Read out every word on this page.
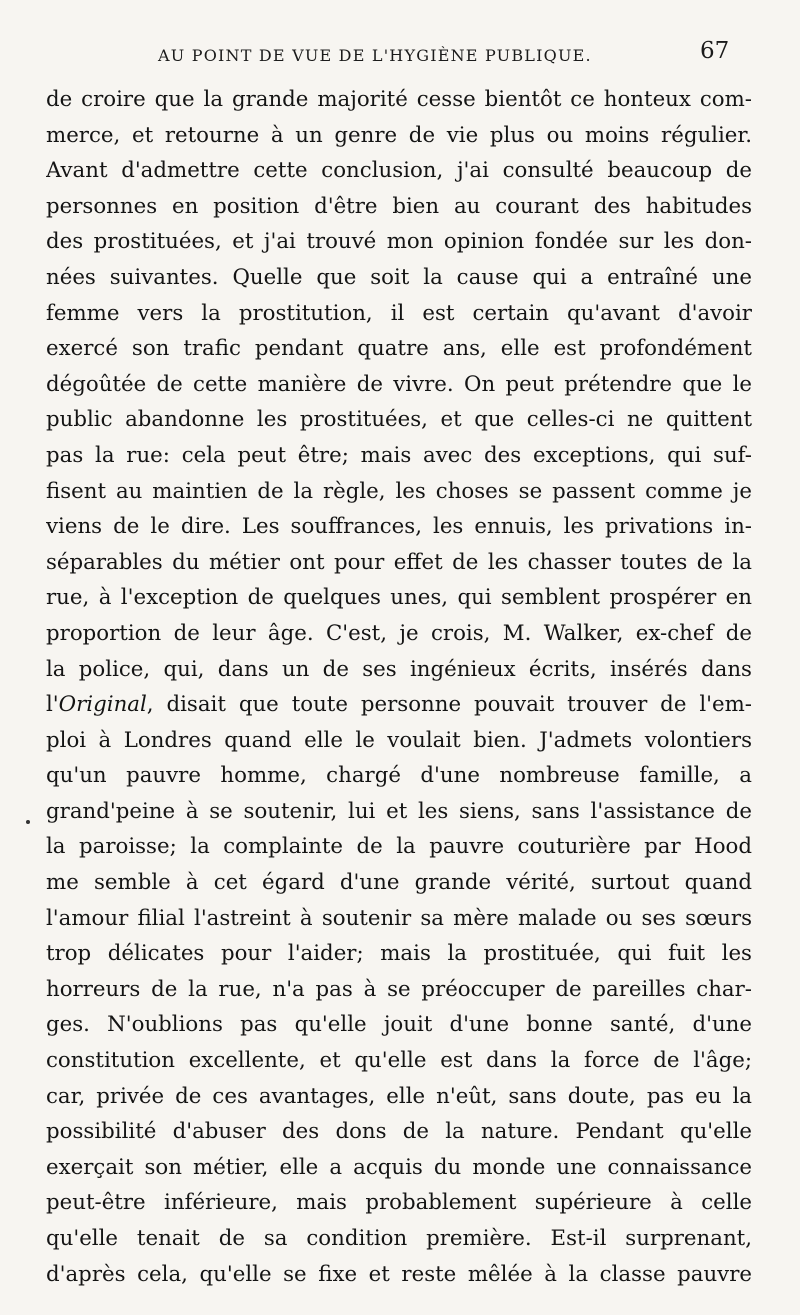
AU POINT DE VUE DE L'HYGIÈNE PUBLIQUE.	67
de croire que la grande majorité cesse bientôt ce honteux com-
merce, et retourne à un genre de vie plus ou moins régulier.
Avant d'admettre cette conclusion, j'ai consulté beaucoup de
personnes en position d'être bien au courant des habitudes
des prostituées, et j'ai trouvé mon opinion fondée sur les don-
nées suivantes. Quelle que soit la cause qui a entraîné une
femme vers la prostitution, il est certain qu'avant d'avoir
exercé son trafic pendant quatre ans, elle est profondément
dégoûtée de cette manière de vivre. On peut prétendre que le
public abandonne les prostituées, et que celles-ci ne quittent
pas la rue: cela peut être; mais avec des exceptions, qui suf-
fisent au maintien de la règle, les choses se passent comme je
viens de le dire. Les souffrances, les ennuis, les privations in-
séparables du métier ont pour effet de les chasser toutes de la
rue, à l'exception de quelques unes, qui semblent prospérer en
proportion de leur âge. C'est, je crois, M. Walker, ex-chef de
la police, qui, dans un de ses ingénieux écrits, insérés dans
l'Original, disait que toute personne pouvait trouver de l'em-
ploi à Londres quand elle le voulait bien. J'admets volontiers
qu'un pauvre homme, chargé d'une nombreuse famille, a
grand'peine à se soutenir, lui et les siens, sans l'assistance de
la paroisse; la complainte de la pauvre couturière par Hood
me semble à cet égard d'une grande vérité, surtout quand
l'amour filial l'astreint à soutenir sa mère malade ou ses sœurs
trop délicates pour l'aider; mais la prostituée, qui fuit les
horreurs de la rue, n'a pas à se préoccuper de pareilles char-
ges. N'oublions pas qu'elle jouit d'une bonne santé, d'une
constitution excellente, et qu'elle est dans la force de l'âge;
car, privée de ces avantages, elle n'eût, sans doute, pas eu la
possibilité d'abuser des dons de la nature. Pendant qu'elle
exerçait son métier, elle a acquis du monde une connaissance
peut-être inférieure, mais probablement supérieure à celle
qu'elle tenait de sa condition première. Est-il surprenant,
d'après cela, qu'elle se fixe et reste mêlée à la classe pauvre
